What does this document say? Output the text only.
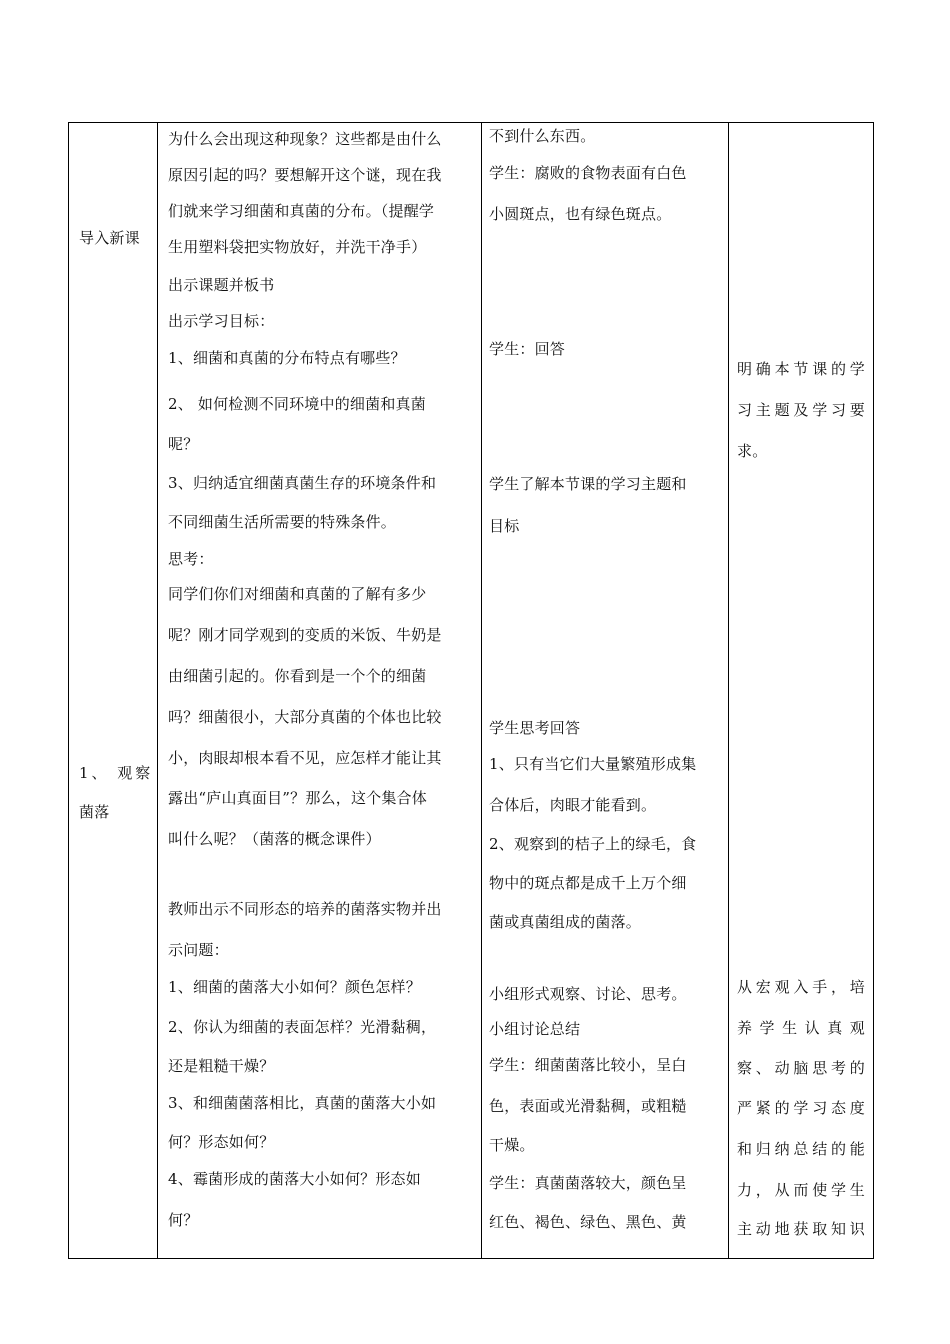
导入新课
1、 观察
菌落
为什么会出现这种现象？这些都是由什么
原因引起的吗？要想解开这个谜，现在我
们就来学习细菌和真菌的分布。（提醒学
生用塑料袋把实物放好，并洗干净手）
出示课题并板书
出示学习目标：
1、细菌和真菌的分布特点有哪些？
2、 如何检测不同环境中的细菌和真菌
呢？
3、归纳适宜细菌真菌生存的环境条件和
不同细菌生活所需要的特殊条件。
思考：
同学们你们对细菌和真菌的了解有多少
呢？刚才同学观到的变质的米饭、牛奶是
由细菌引起的。你看到是一个个的细菌
吗？细菌很小，大部分真菌的个体也比较
小，肉眼却根本看不见，应怎样才能让其
露出“庐山真面目”？那么，这个集合体
叫什么呢？（菌落的概念课件）
教师出示不同形态的培养的菌落实物并出
示问题：
1、细菌的菌落大小如何？颜色怎样？
2、你认为细菌的表面怎样？光滑黏稠，
还是粗糙干燥？
3、和细菌菌落相比，真菌的菌落大小如
何？形态如何？
4、霉菌形成的菌落大小如何？形态如
何？
不到什么东西。
学生：腐败的食物表面有白色
小圆斑点，也有绿色斑点。
学生：回答
学生了解本节课的学习主题和
目标
学生思考回答
1、只有当它们大量繁殖形成集
合体后，肉眼才能看到。
2、观察到的桔子上的绿毛，食
物中的斑点都是成千上万个细
菌或真菌组成的菌落。
小组形式观察、讨论、思考。
小组讨论总结
学生：细菌菌落比较小，呈白
色，表面或光滑黏稠，或粗糙
干燥。
学生：真菌菌落较大，颜色呈
红色、褐色、绿色、黑色、黄
明确本节课的学
习主题及学习要
求。
从宏观入手，培
养学生认真观
察、动脑思考的
严紧的学习态度
和归纳总结的能
力，从而使学生
主动地获取知识
